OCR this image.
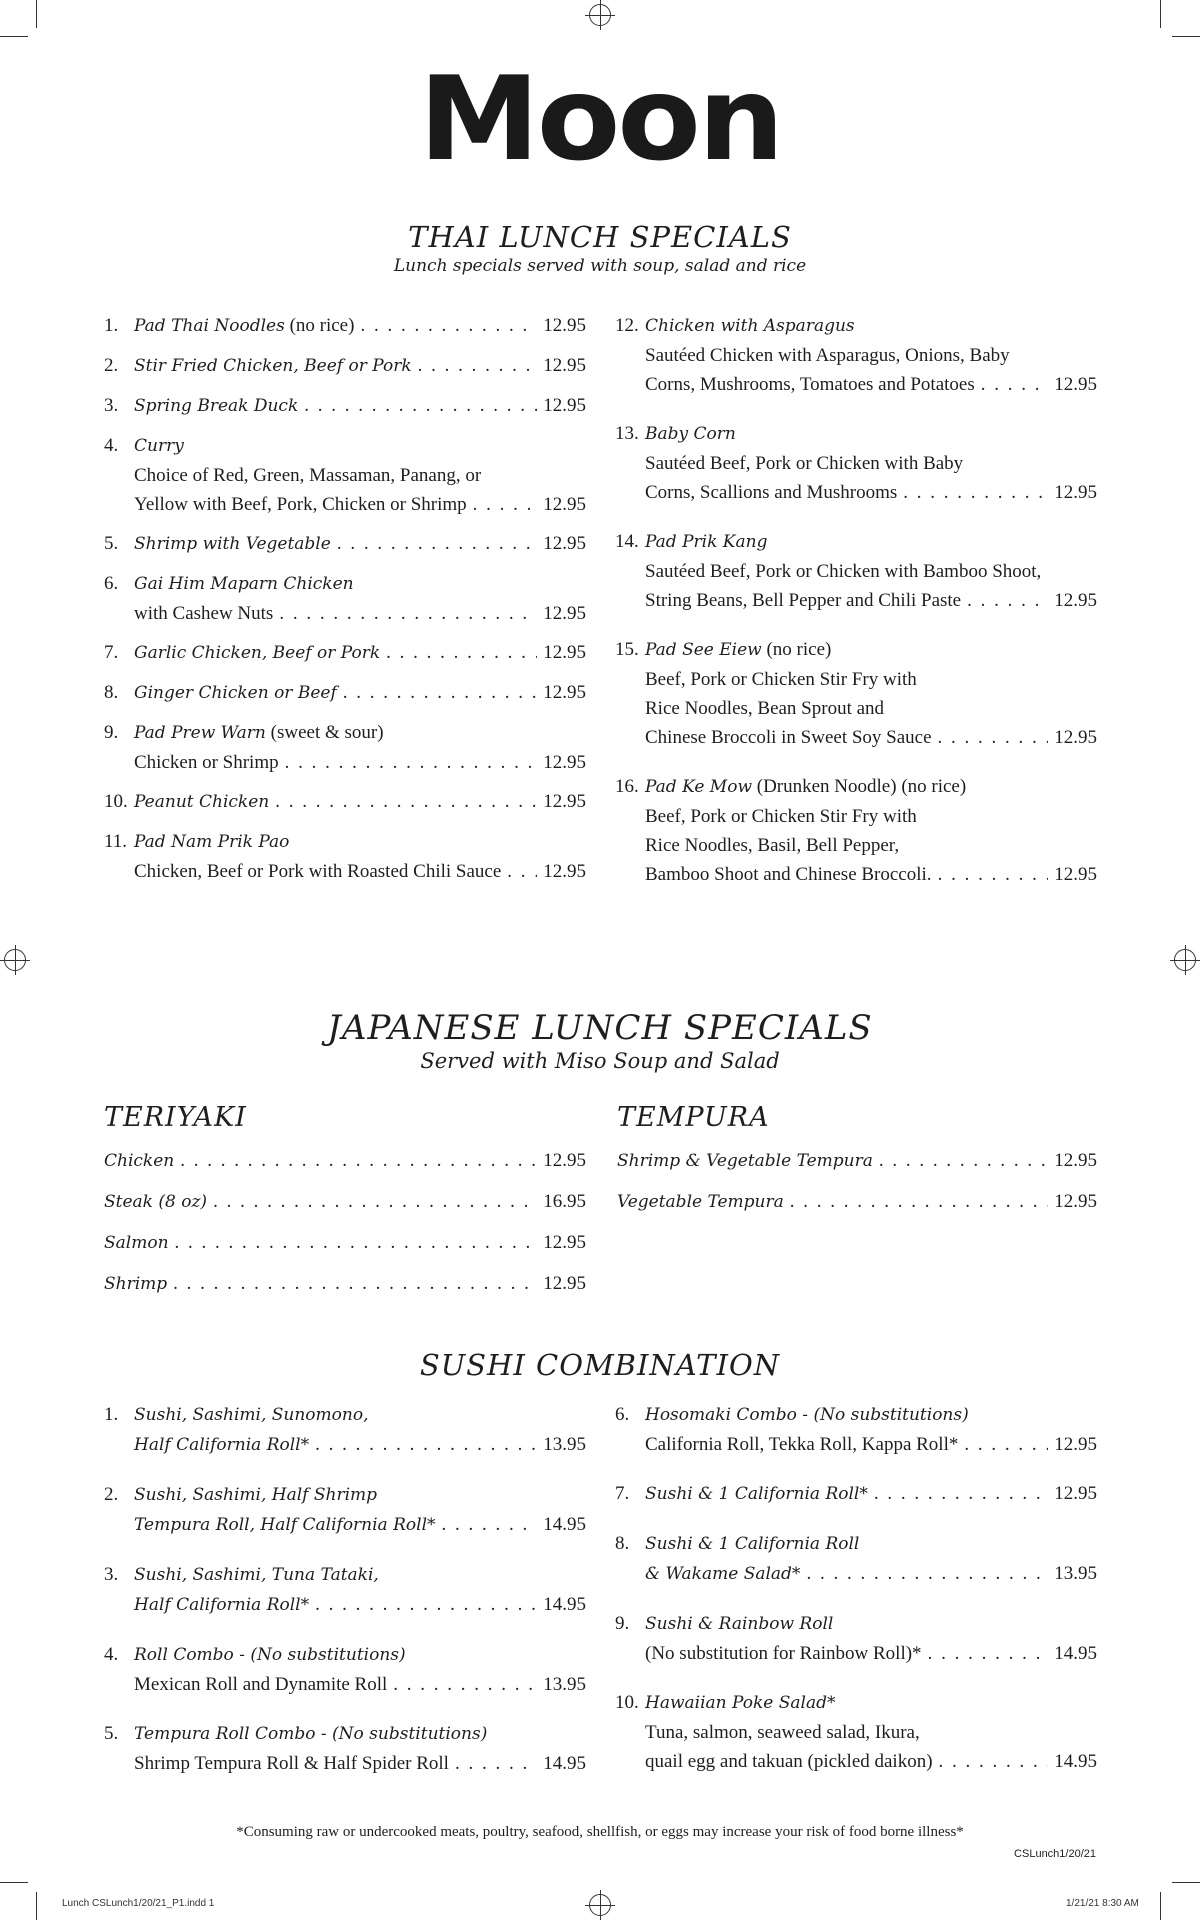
Moon
THAI LUNCH SPECIALS
Lunch specials served with soup, salad and rice
1. Pad Thai Noodles (no rice) . . .	12.95
2. Stir Fried Chicken, Beef or Pork . . .	12.95
3. Spring Break Duck . . .	12.95
4. Curry
Choice of Red, Green, Massaman, Panang, or
Yellow with Beef, Pork, Chicken or Shrimp . . .	12.95
5. Shrimp with Vegetable . . .	12.95
6. Gai Him Maparn Chicken
with Cashew Nuts . . .	12.95
7. Garlic Chicken, Beef or Pork . . .	12.95
8. Ginger Chicken or Beef . . .	12.95
9. Pad Prew Warn (sweet & sour)
Chicken or Shrimp . . .	12.95
10. Peanut Chicken . . .	12.95
11. Pad Nam Prik Pao
Chicken, Beef or Pork with Roasted Chili Sauce . . . 12.95
12. Chicken with Asparagus
Sautéed Chicken with Asparagus, Onions, Baby
Corns, Mushrooms, Tomatoes and Potatoes . . .	12.95
13. Baby Corn
Sautéed Beef, Pork or Chicken with Baby
Corns, Scallions and Mushrooms . . .	12.95
14. Pad Prik Kang
Sautéed Beef, Pork or Chicken with Bamboo Shoot,
String Beans, Bell Pepper and Chili Paste . . .	12.95
15. Pad See Eiew (no rice)
Beef, Pork or Chicken Stir Fry with
Rice Noodles, Bean Sprout and
Chinese Broccoli in Sweet Soy Sauce . . .	12.95
16. Pad Ke Mow (Drunken Noodle) (no rice)
Beef, Pork or Chicken Stir Fry with
Rice Noodles, Basil, Bell Pepper,
Bamboo Shoot and Chinese Broccoli. . . .	12.95
JAPANESE LUNCH SPECIALS
Served with Miso Soup and Salad
TERIYAKI	TEMPURA
Chicken . . .	12.95
Steak (8 oz) . . .	16.95
Salmon . . .	12.95
Shrimp . . .	12.95
Shrimp & Vegetable Tempura . . .	12.95
Vegetable Tempura . . .	12.95
SUSHI COMBINATION
1. Sushi, Sashimi, Sunomono,
Half California Roll* . . .	13.95
2. Sushi, Sashimi, Half Shrimp
Tempura Roll, Half California Roll* . . .	14.95
3. Sushi, Sashimi, Tuna Tataki,
Half California Roll* . . .	14.95
4. Roll Combo - (No substitutions)
Mexican Roll and Dynamite Roll . . .	13.95
5. Tempura Roll Combo - (No substitutions)
Shrimp Tempura Roll & Half Spider Roll . . .	14.95
6. Hosomaki Combo - (No substitutions)
California Roll, Tekka Roll, Kappa Roll* . . .	12.95
7. Sushi & 1 California Roll* . . .	12.95
8. Sushi & 1 California Roll
& Wakame Salad* . . .	13.95
9. Sushi & Rainbow Roll
(No substitution for Rainbow Roll)* . . .	14.95
10. Hawaiian Poke Salad*
Tuna, salmon, seaweed salad, Ikura,
quail egg and takuan (pickled daikon) . . .	14.95
*Consuming raw or undercooked meats, poultry, seafood, shellfish, or eggs may increase your risk of food borne illness*
CSLunch1/20/21
Lunch CSLunch1/20/21_P1.indd 1	1/21/21 8:30 AM
